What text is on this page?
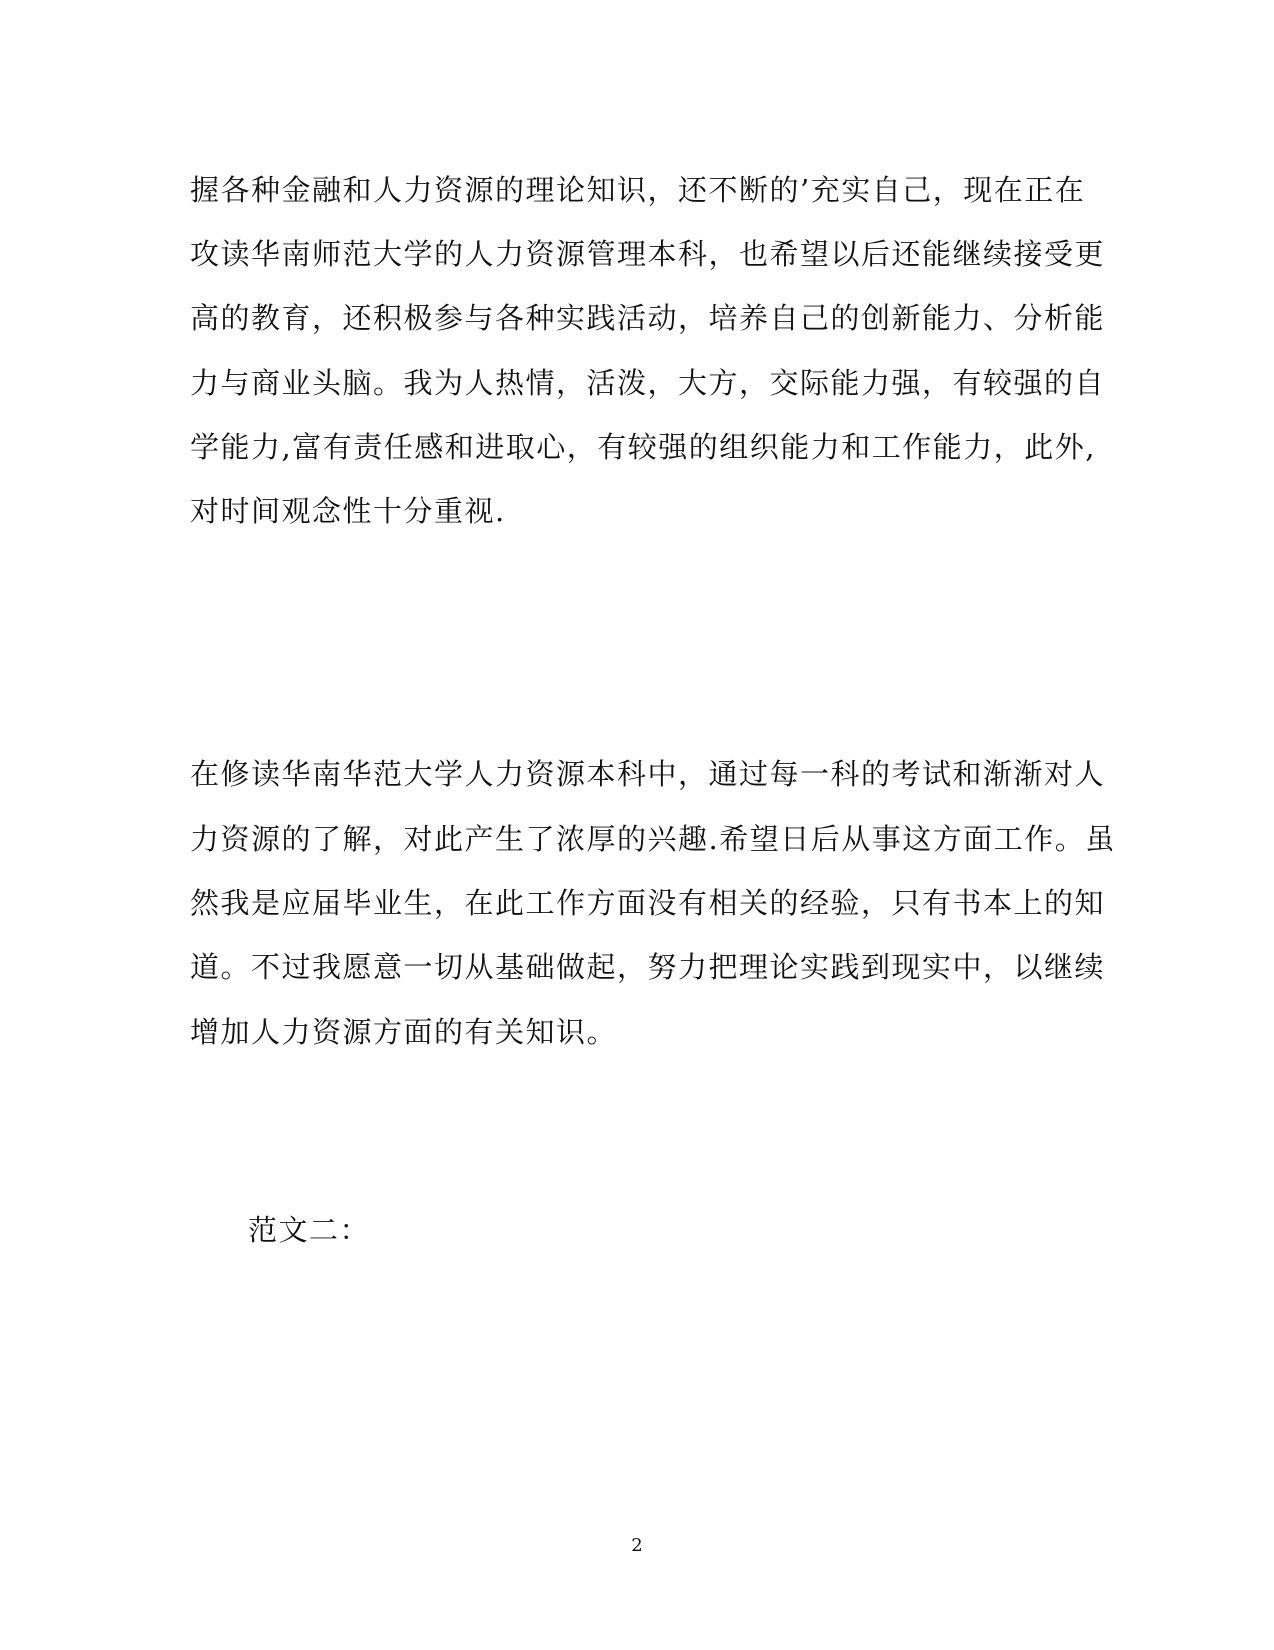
握各种金融和人力资源的理论知识，还不断的’充实自己，现在正在
攻读华南师范大学的人力资源管理本科，也希望以后还能继续接受更
高的教育，还积极参与各种实践活动，培养自己的创新能力、分析能
力与商业头脑。我为人热情，活泼，大方，交际能力强，有较强的自
学能力,富有责任感和进取心，有较强的组织能力和工作能力，此外,
对时间观念性十分重视.
在修读华南华范大学人力资源本科中，通过每一科的考试和渐渐对人
力资源的了解，对此产生了浓厚的兴趣.希望日后从事这方面工作。虽
然我是应届毕业生，在此工作方面没有相关的经验，只有书本上的知
道。不过我愿意一切从基础做起，努力把理论实践到现实中，以继续
增加人力资源方面的有关知识。
范文二：
2
